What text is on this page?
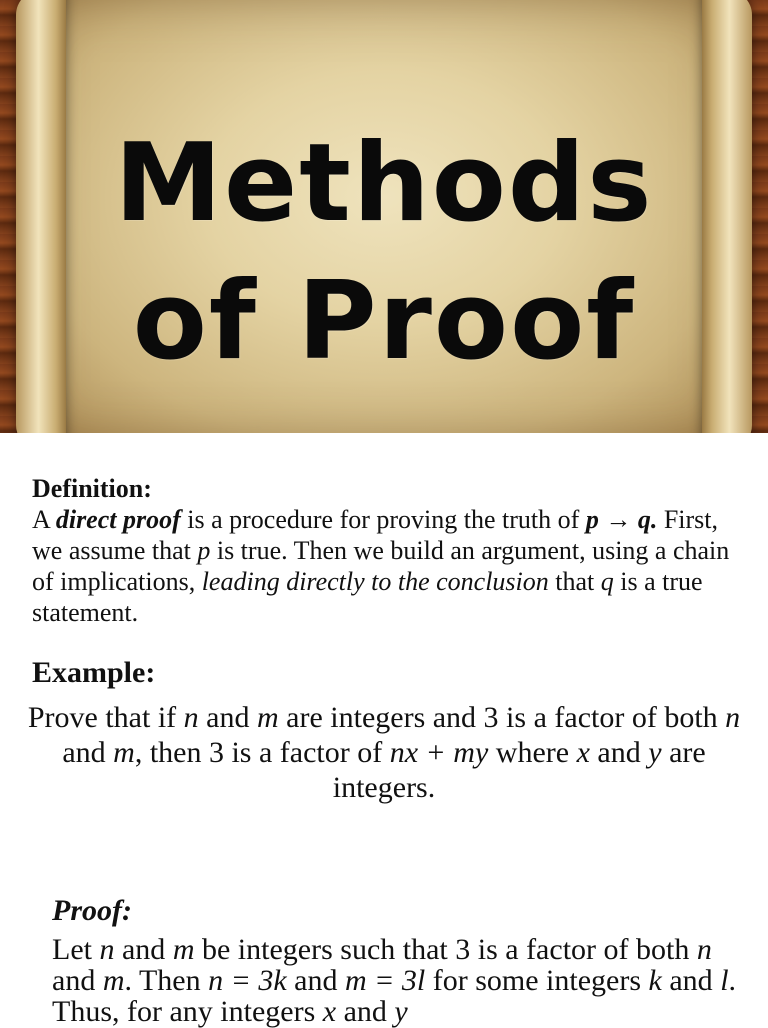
Methods
of Proof

Definition:

A direct proof is a procedure for proving the truth of p → q. First, we assume that p is true. Then we build an argument, using a chain of implications, leading directly to the conclusion that q is a true statement.

Example:

Prove that if n and m are integers and 3 is a factor of both n and m, then 3 is a factor of nx + my where x and y are integers.

Proof:

Let n and m be integers such that 3 is a factor of both n and m. Then n = 3k and m = 3l for some integers k and l. Thus, for any integers x and y
